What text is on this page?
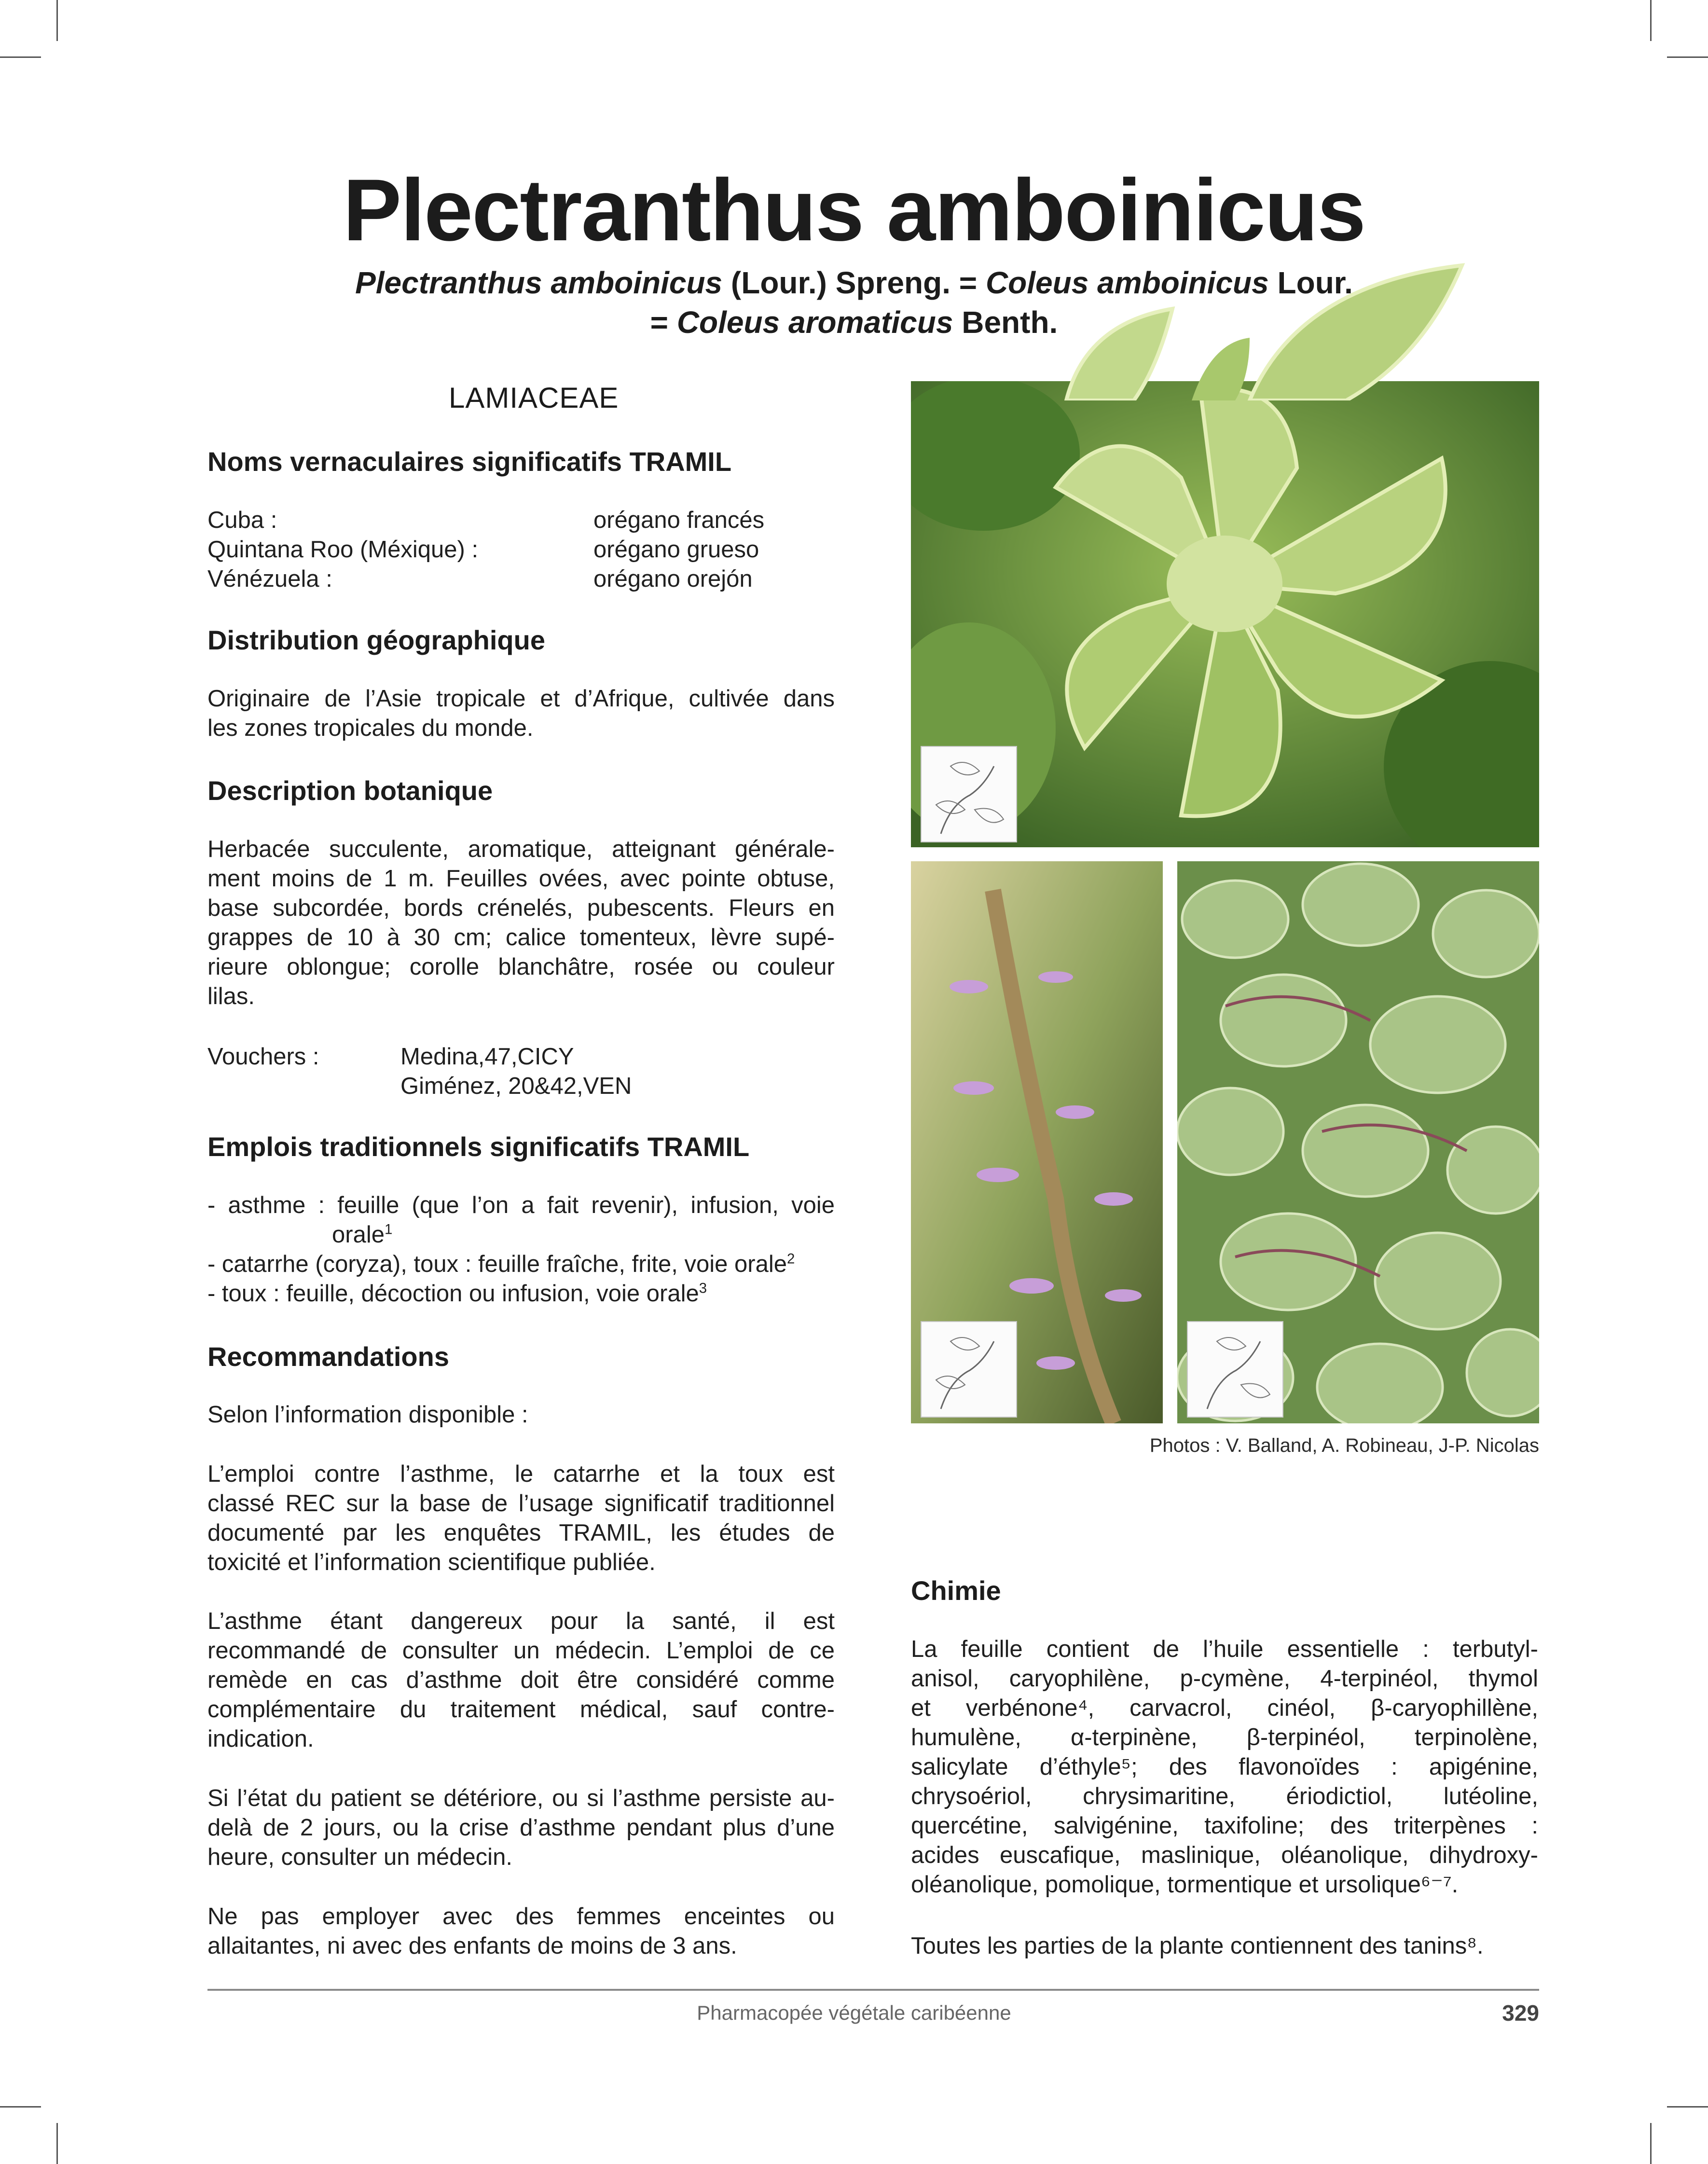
Plectranthus amboinicus
Plectranthus amboinicus (Lour.) Spreng. = Coleus amboinicus Lour.
= Coleus aromaticus Benth.
LAMIACEAE
Noms vernaculaires significatifs TRAMIL
Cuba :	orégano francés
Quintana Roo (Méxique) :	orégano grueso
Vénézuela :	orégano orejón
Distribution géographique
Originaire de l’Asie tropicale et d’Afrique, cultivée dans
les zones tropicales du monde.
Description botanique
Herbacée succulente, aromatique, atteignant générale-
ment moins de 1 m. Feuilles ovées, avec pointe obtuse,
base subcordée, bords crénelés, pubescents. Fleurs en
grappes de 10 à 30 cm; calice tomenteux, lèvre supé-
rieure oblongue; corolle blanchâtre, rosée ou couleur
lilas.
Vouchers :	Medina,47,CICY
Giménez, 20&42,VEN
Emplois traditionnels significatifs TRAMIL
- asthme : feuille (que l’on a fait revenir), infusion, voie
orale$^1$
- catarrhe (coryza), toux : feuille fraîche, frite, voie orale$^2$
- toux : feuille, décoction ou infusion, voie orale$^3$
Recommandations
Selon l’information disponible :
L’emploi contre l’asthme, le catarrhe et la toux est
classé REC sur la base de l’usage significatif traditionnel
documenté par les enquêtes TRAMIL, les études de
toxicité et l’information scientifique publiée.
L’asthme étant dangereux pour la santé, il est
recommandé de consulter un médecin. L’emploi de ce
remède en cas d’asthme doit être considéré comme
complémentaire du traitement médical, sauf contre-
indication.
Si l’état du patient se détériore, ou si l’asthme persiste au-
delà de 2 jours, ou la crise d’asthme pendant plus d’une
heure, consulter un médecin.
Ne pas employer avec des femmes enceintes ou
allaitantes, ni avec des enfants de moins de 3 ans.
Photos : V. Balland, A. Robineau, J-P. Nicolas
Chimie
La feuille contient de l’huile essentielle : terbutyl-
anisol, caryophilène, p-cymène, 4-terpinéol, thymol
et verbénone⁴, carvacrol, cinéol, β-caryophillène,
humulène, α-terpinène, β-terpinéol, terpinolène,
salicylate d’éthyle⁵; des flavonoïdes : apigénine,
chrysoériol, chrysimaritine, ériodictiol, lutéoline,
quercétine, salvigénine, taxifoline; des triterpènes :
acides euscafique, maslinique, oléanolique, dihydroxy-
oléanolique, pomolique, tormentique et ursolique⁶⁻⁷.
Toutes les parties de la plante contiennent des tanins⁸.
Pharmacopée végétale caribéenne	329
